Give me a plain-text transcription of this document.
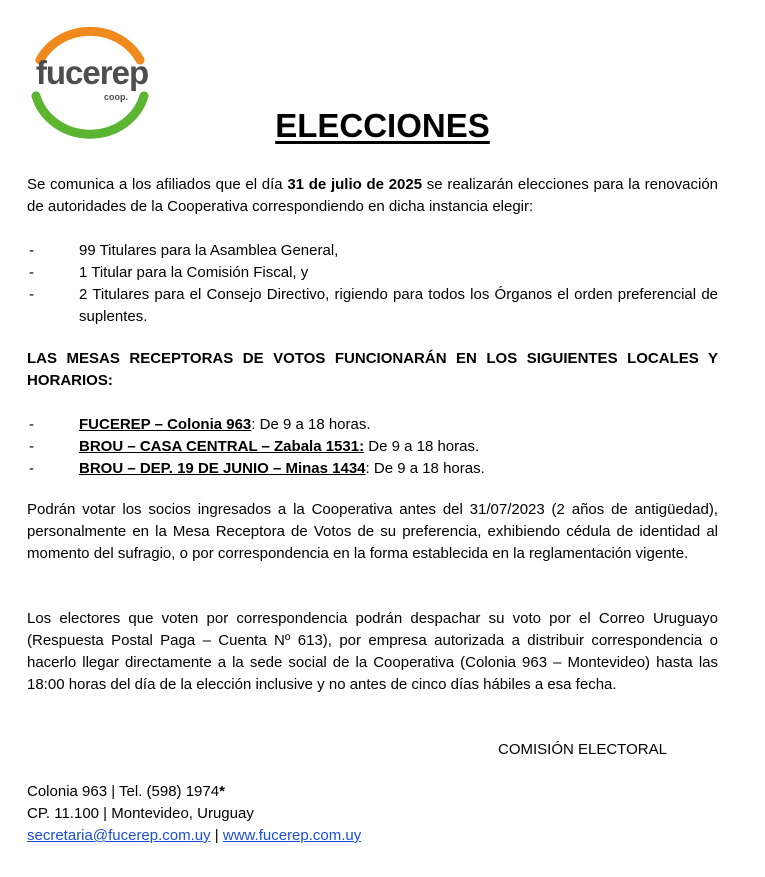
fucerep
coop.
ELECCIONES
Se comunica a los afiliados que el día 31 de julio de 2025 se realizarán elecciones para la renovación de autoridades de la Cooperativa correspondiendo en dicha instancia elegir:
- 99 Titulares para la Asamblea General,
- 1 Titular para la Comisión Fiscal, y
- 2 Titulares para el Consejo Directivo, rigiendo para todos los Órganos el orden preferencial de suplentes.
LAS MESAS RECEPTORAS DE VOTOS FUNCIONARÁN EN LOS SIGUIENTES LOCALES Y HORARIOS:
- FUCEREP – Colonia 963: De 9 a 18 horas.
- BROU – CASA CENTRAL – Zabala 1531: De 9 a 18 horas.
- BROU – DEP. 19 DE JUNIO – Minas 1434: De 9 a 18 horas.
Podrán votar los socios ingresados a la Cooperativa antes del 31/07/2023 (2 años de antigüedad), personalmente en la Mesa Receptora de Votos de su preferencia, exhibiendo cédula de identidad al momento del sufragio, o por correspondencia en la forma establecida en la reglamentación vigente.
Los electores que voten por correspondencia podrán despachar su voto por el Correo Uruguayo (Respuesta Postal Paga – Cuenta Nº 613), por empresa autorizada a distribuir correspondencia o hacerlo llegar directamente a la sede social de la Cooperativa (Colonia 963 – Montevideo) hasta las 18:00 horas del día de la elección inclusive y no antes de cinco días hábiles a esa fecha.
COMISIÓN ELECTORAL
Colonia 963 | Tel. (598) 1974*
CP. 11.100 | Montevideo, Uruguay
secretaria@fucerep.com.uy | www.fucerep.com.uy
